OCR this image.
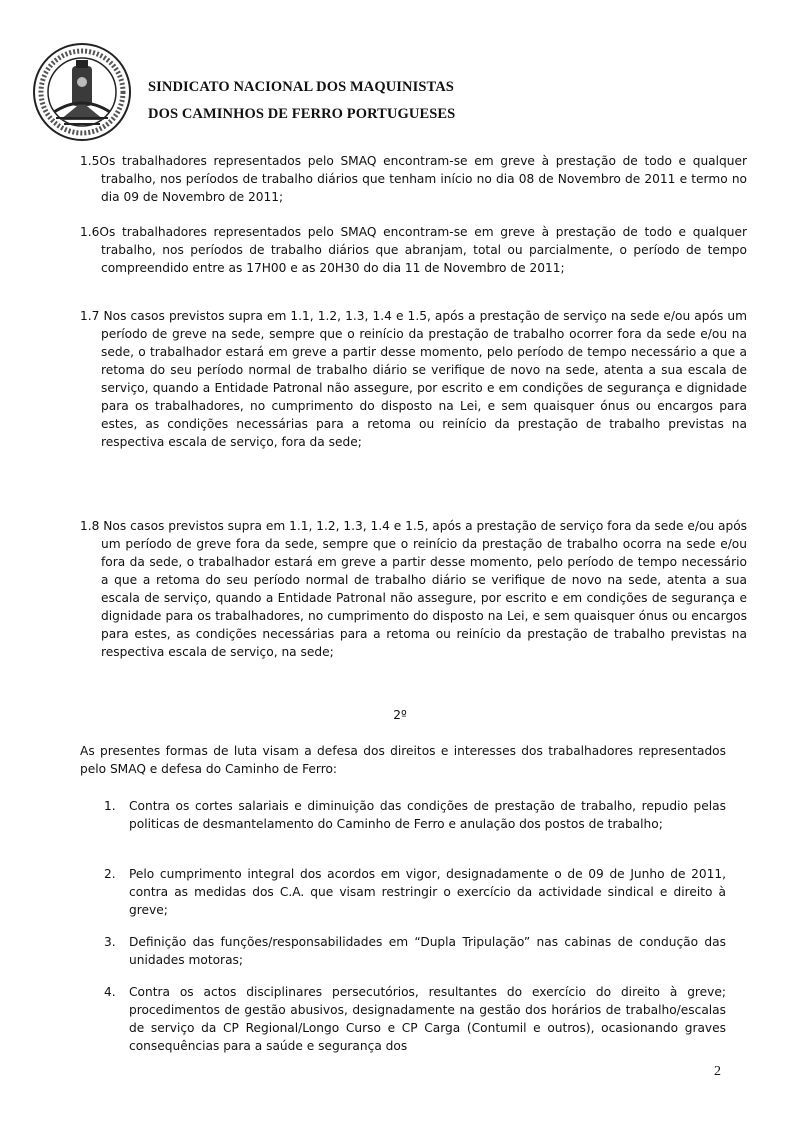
SINDICATO NACIONAL DOS MAQUINISTAS
DOS CAMINHOS DE FERRO PORTUGUESES
1.5Os trabalhadores representados pelo SMAQ encontram-se em greve à prestação de todo e qualquer trabalho, nos períodos de trabalho diários que tenham início no dia 08 de Novembro de 2011 e termo no dia 09 de Novembro de 2011;
1.6Os trabalhadores representados pelo SMAQ encontram-se em greve à prestação de todo e qualquer trabalho, nos períodos de trabalho diários que abranjam, total ou parcialmente, o período de tempo compreendido entre as 17H00 e as 20H30 do dia 11 de Novembro de 2011;
1.7 Nos casos previstos supra em 1.1, 1.2, 1.3, 1.4 e 1.5, após a prestação de serviço na sede e/ou após um período de greve na sede, sempre que o reinício da prestação de trabalho ocorrer fora da sede e/ou na sede, o trabalhador estará em greve a partir desse momento, pelo período de tempo necessário a que a retoma do seu período normal de trabalho diário se verifique de novo na sede, atenta a sua escala de serviço, quando a Entidade Patronal não assegure, por escrito e em condições de segurança e dignidade para os trabalhadores, no cumprimento do disposto na Lei, e sem quaisquer ónus ou encargos para estes, as condições necessárias para a retoma ou reinício da prestação de trabalho previstas na respectiva escala de serviço, fora da sede;
1.8 Nos casos previstos supra em 1.1, 1.2, 1.3, 1.4 e 1.5, após a prestação de serviço fora da sede e/ou após um período de greve fora da sede, sempre que o reinício da prestação de trabalho ocorra na sede e/ou fora da sede, o trabalhador estará em greve a partir desse momento, pelo período de tempo necessário a que a retoma do seu período normal de trabalho diário se verifique de novo na sede, atenta a sua escala de serviço, quando a Entidade Patronal não assegure, por escrito e em condições de segurança e dignidade para os trabalhadores, no cumprimento do disposto na Lei, e sem quaisquer ónus ou encargos para estes, as condições necessárias para a retoma ou reinício da prestação de trabalho previstas na respectiva escala de serviço, na sede;
2º
As presentes formas de luta visam a defesa dos direitos e interesses dos trabalhadores representados pelo SMAQ e defesa do Caminho de Ferro:
1. Contra os cortes salariais e diminuição das condições de prestação de trabalho, repudio pelas politicas de desmantelamento do Caminho de Ferro e anulação dos postos de trabalho;
2. Pelo cumprimento integral dos acordos em vigor, designadamente o de 09 de Junho de 2011, contra as medidas dos C.A. que visam restringir o exercício da actividade sindical e direito à greve;
3. Definição das funções/responsabilidades em “Dupla Tripulação” nas cabinas de condução das unidades motoras;
4. Contra os actos disciplinares persecutórios, resultantes do exercício do direito à greve; procedimentos de gestão abusivos, designadamente na gestão dos horários de trabalho/escalas de serviço da CP Regional/Longo Curso e CP Carga (Contumil e outros), ocasionando graves consequências para a saúde e segurança dos
2
